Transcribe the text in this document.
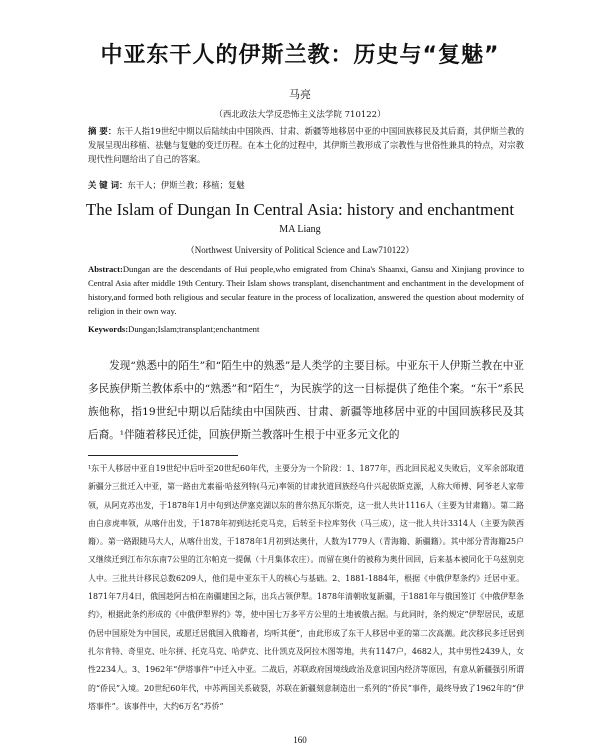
中亚东干人的伊斯兰教：历史与“复魅”
马亮
（西北政法大学反恐怖主义法学院 710122）
摘 要：东干人指19世纪中期以后陆续由中国陕西、甘肃、新疆等地移居中亚的中国回族移民及其后裔，其伊斯兰教的发展呈现出移植、祛魅与复魅的变迁历程。在本土化的过程中，其伊斯兰教形成了宗教性与世俗性兼具的特点，对宗教现代性问题给出了自己的答案。
关 键 词：东干人；伊斯兰教；移植；复魅
The Islam of Dungan In Central Asia: history and enchantment
MA Liang
（Northwest University of Political Science and Law710122）
Abstract:Dungan are the descendants of Hui people,who emigrated from China's Shaanxi, Gansu and Xinjiang province to Central Asia after middle 19th Century. Their Islam shows transplant, disenchantment and enchantment in the development of history,and formed both religious and secular feature in the process of localization, answered the question about modernity of religion in their own way.
Keywords:Dungan;Islam;transplant;enchantment
发现“熟悉中的陌生”和“陌生中的熟悉”是人类学的主要目标。中亚东干人伊斯兰教在中亚多民族伊斯兰教体系中的“熟悉”和“陌生”，为民族学的这一目标提供了绝佳个案。“东干”系民族他称，指19世纪中期以后陆续由中国陕西、甘肃、新疆等地移居中亚的中国回族移民及其后裔。¹伴随着移民迁徙，回族伊斯兰教落叶生根于中亚多元文化的
¹东干人移居中亚自19世纪中后叶至20世纪60年代，主要分为一个阶段：1、1877年，西北回民起义失败后，义军余部取道新疆分三批迁入中亚，第一路由尤素福·哈兹列特(马元)率领的甘肃狄道回族经乌什兴起依斯克源，人称大师傅、阿爷老人家带领，从阿克苏出发，于1878年1月中旬到达伊塞克湖以东的普尔热瓦尔斯克，这一批人共计1116人（主要为甘肃籍）。第二路由白彦虎率领，从喀什出发，于1878年初到达托克马克，后转至卡拉库努伙（马三成），这一批人共计3314人（主要为陕西籍）。第一路跟随马大人，从喀什出发，于1878年1月初到达奥什，人数为1779人（青海籍、新疆籍）。其中部分青海籍25户又继续迁到江布尔东南7公里的江尔帕克一提佩（十月集体农庄）。而留在奥什的被称为奥什回回，后来基本被同化于乌兹别克人中。三批共计移民总数6209人，他们是中亚东干人的核心与基础。2、1881-1884年，根据《中俄伊犁条约》迁居中亚。1871年7月4日，俄国趁阿古柏在南疆建国之际，出兵占领伊犁。1878年清朝收复新疆，于1881年与俄国签订《中俄伊犁条约》，根据此条约形成的《中俄伊犁界约》等，使中国七万多平方公里的土地被俄占据。与此同时，条约规定“伊犁居民，或愿仍居中国原处为中国民，或愿迁居俄国入俄籍者，均听其便”，由此形成了东干人移居中亚的第二次高潮。此次移民多迁居到扎尔肯特、奇里克、吐尔拼、托克马克、哈萨克、比什凯克及阿拉木图等地，共有1147户，4682人，其中男性2439人，女性2234人。3、1962年“伊塔事件”中迁入中亚。二战后，苏联政府国境线政治及意识国内经济等原因，有意从新疆强引所谓的“侨民”入境。20世纪60年代，中苏两国关系破裂，苏联在新疆刻意制造出一系列的“侨民”事件，最终导致了1962年的“伊塔事件”。该事件中，大约6万名“苏侨”
160
